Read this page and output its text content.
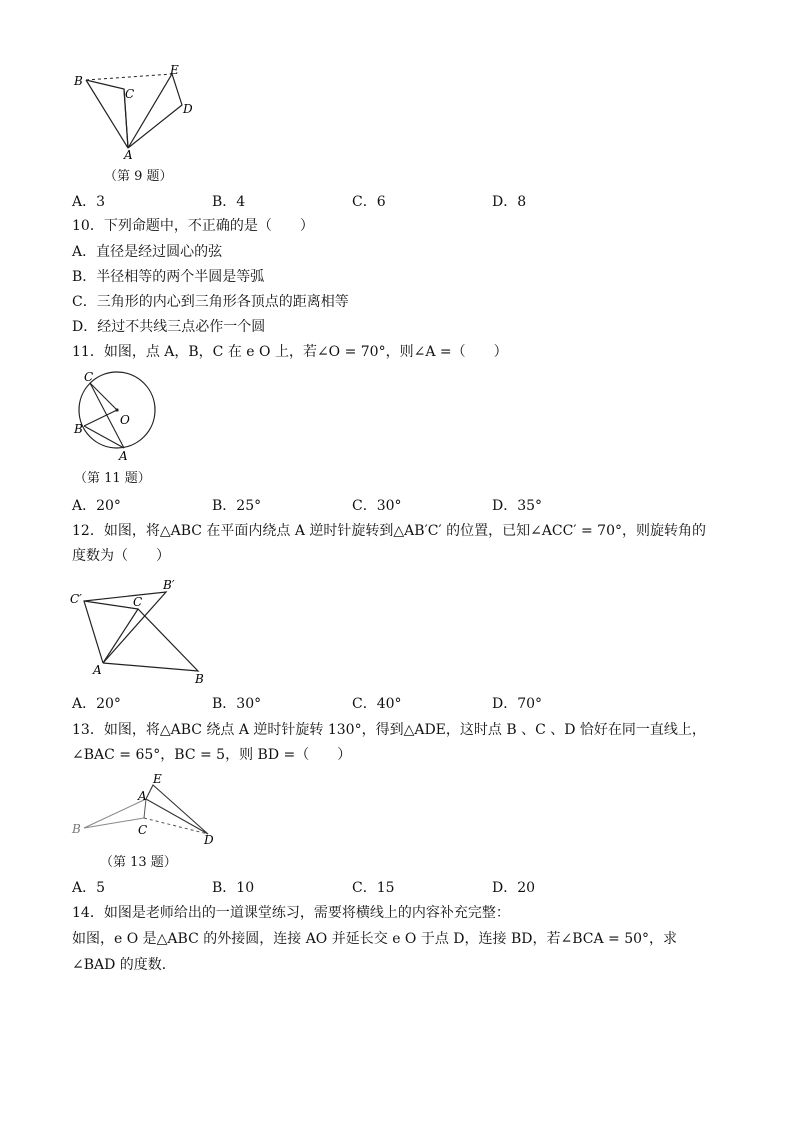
B
C
E
D
A
（第 9 题）
A．3	B．4	C．6	D．8
10．下列命题中，不正确的是（　　）
A．直径是经过圆心的弦
B．半径相等的两个半圆是等弧
C．三角形的内心到三角形各顶点的距离相等
D．经过不共线三点必作一个圆
11．如图，点 A，B，C 在 e O 上，若∠O = 70°，则∠A =（　　）
C
O
B
A
（第 11 题）
A．20°	B．25°	C．30°	D．35°
12．如图，将△ABC 在平面内绕点 A 逆时针旋转到△AB′C′ 的位置，已知∠ACC′ = 70°，则旋转角的
度数为（　　）
C′
B′
C
A
B
A．20°	B．30°	C．40°	D．70°
13．如图，将△ABC 绕点 A 逆时针旋转 130°，得到△ADE，这时点 B 、C 、D 恰好在同一直线上，
∠BAC = 65°，BC = 5，则 BD =（　　）
B
A
E
C
D
（第 13 题）
A．5	B．10	C．15	D．20
14．如图是老师给出的一道课堂练习，需要将横线上的内容补充完整：
如图，e O 是△ABC 的外接圆，连接 AO 并延长交 e O 于点 D，连接 BD，若∠BCA = 50°，求
∠BAD 的度数．
